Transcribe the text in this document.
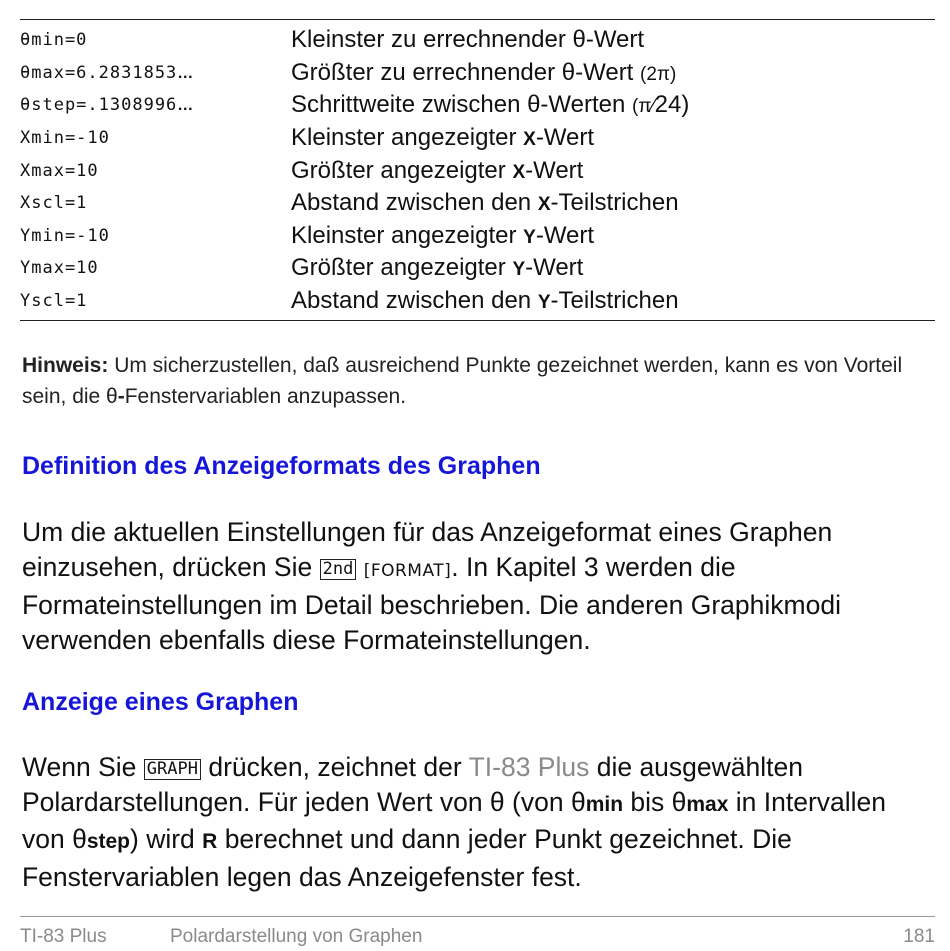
θmin=0	Kleinster zu errechnender θ-Wert
θmax=6.2831853…	Größter zu errechnender θ-Wert (2π)
θstep=.1308996…	Schrittweite zwischen θ-Werten (π⁄24)
Xmin=-10	Kleinster angezeigter X-Wert
Xmax=10	Größter angezeigter X-Wert
Xscl=1	Abstand zwischen den X-Teilstrichen
Ymin=-10	Kleinster angezeigter Y-Wert
Ymax=10	Größter angezeigter Y-Wert
Yscl=1	Abstand zwischen den Y-Teilstrichen
Hinweis: Um sicherzustellen, daß ausreichend Punkte gezeichnet werden, kann es von Vorteil sein, die θ-Fenstervariablen anzupassen.
Definition des Anzeigeformats des Graphen
Um die aktuellen Einstellungen für das Anzeigeformat eines Graphen einzusehen, drücken Sie 2nd [FORMAT]. In Kapitel 3 werden die Formateinstellungen im Detail beschrieben. Die anderen Graphikmodi verwenden ebenfalls diese Formateinstellungen.
Anzeige eines Graphen
Wenn Sie GRAPH drücken, zeichnet der TI-83 Plus die ausgewählten Polardarstellungen. Für jeden Wert von θ (von θmin bis θmax in Intervallen von θstep) wird R berechnet und dann jeder Punkt gezeichnet. Die Fenstervariablen legen das Anzeigefenster fest.
TI-83 Plus	Polardarstellung von Graphen	181
